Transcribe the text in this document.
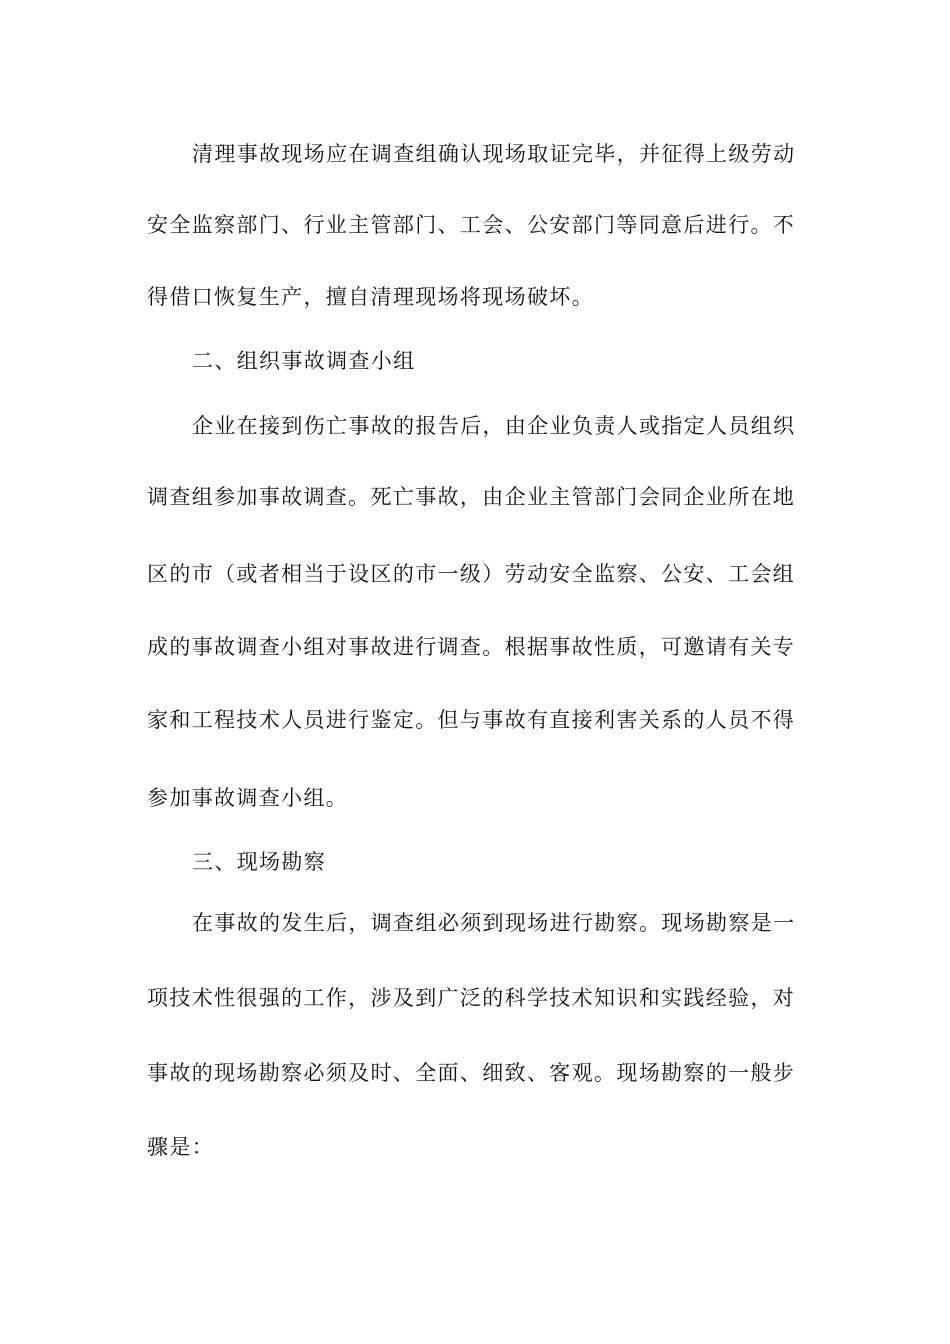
清理事故现场应在调查组确认现场取证完毕，并征得上级劳动
安全监察部门、行业主管部门、工会、公安部门等同意后进行。不
得借口恢复生产，擅自清理现场将现场破坏。
二、组织事故调查小组
企业在接到伤亡事故的报告后，由企业负责人或指定人员组织
调查组参加事故调查。死亡事故，由企业主管部门会同企业所在地
区的市（或者相当于设区的市一级）劳动安全监察、公安、工会组
成的事故调查小组对事故进行调查。根据事故性质，可邀请有关专
家和工程技术人员进行鉴定。但与事故有直接利害关系的人员不得
参加事故调查小组。
三、现场勘察
在事故的发生后，调查组必须到现场进行勘察。现场勘察是一
项技术性很强的工作，涉及到广泛的科学技术知识和实践经验，对
事故的现场勘察必须及时、全面、细致、客观。现场勘察的一般步
骤是：
